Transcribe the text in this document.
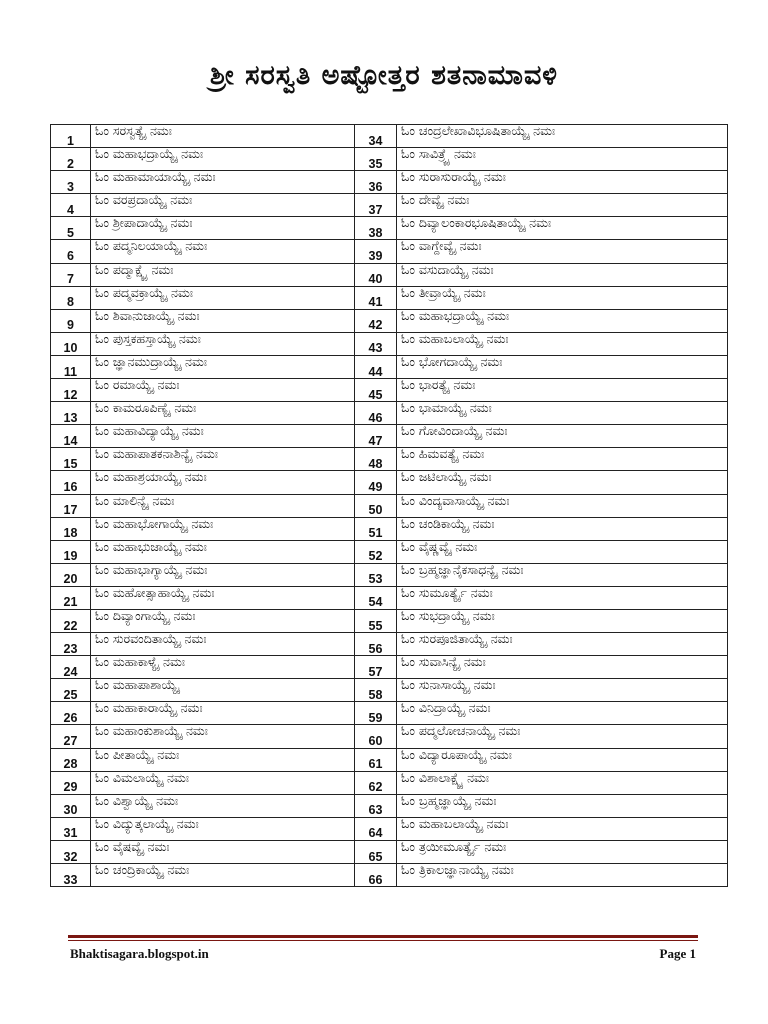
ಶ್ರೀ ಸರಸ್ವತಿ ಅಷ್ಟೋತ್ತರ ಶತನಾಮಾವಳಿ
1	ಓಂ ಸರಸ್ವತ್ಯೈ ನಮಃ	34	ಓಂ ಚಂದ್ರಲೇಖಾವಿಭೂಷಿತಾಯ್ಯೈ ನಮಃ
2	ಓಂ ಮಹಾಭದ್ರಾಯ್ಯೈ ನಮಃ	35	ಓಂ ಸಾವಿತ್ರ್ಯೈ ನಮಃ
3	ಓಂ ಮಹಾಮಾಯಾಯ್ಯೈ ನಮಃ	36	ಓಂ ಸುರಾಸುರಾಯ್ಯೈ ನಮಃ
4	ಓಂ ವರಪ್ರದಾಯ್ಯೈ ನಮಃ	37	ಓಂ ದೇವ್ಯೈ ನಮಃ
5	ಓಂ ಶ್ರೀಪಾದಾಯ್ಯೈ ನಮಃ	38	ಓಂ ದಿವ್ಯಾಲಂಕಾರಭೂಷಿತಾಯ್ಯೈ ನಮಃ
6	ಓಂ ಪದ್ಮನಿಲಯಾಯ್ಯೈ ನಮಃ	39	ಓಂ ವಾಗ್ದೇವ್ಯೈ ನಮಃ
7	ಓಂ ಪದ್ಮಾಕ್ಷ್ಯೈ ನಮಃ	40	ಓಂ ವಸುದಾಯ್ಯೈ ನಮಃ
8	ಓಂ ಪದ್ಮವಕ್ರಾಯ್ಯೈ ನಮಃ	41	ಓಂ ತೀವ್ರಾಯ್ಯೈ ನಮಃ
9	ಓಂ ಶಿವಾನುಜಾಯ್ಯೈ ನಮಃ	42	ಓಂ ಮಹಾಭದ್ರಾಯ್ಯೈ ನಮಃ
10	ಓಂ ಪುಸ್ತಕಹಸ್ತಾಯ್ಯೈ ನಮಃ	43	ಓಂ ಮಹಾಬಲಾಯ್ಯೈ ನಮಃ
11	ಓಂ ಜ್ಞಾನಮುದ್ರಾಯ್ಯೈ ನಮಃ	44	ಓಂ ಭೋಗದಾಯ್ಯೈ ನಮಃ
12	ಓಂ ರಮಾಯ್ಯೈ ನಮಃ	45	ಓಂ ಭಾರತ್ಯೈ ನಮಃ
13	ಓಂ ಕಾಮರೂಪಿಣ್ಯೈ ನಮಃ	46	ಓಂ ಭಾಮಾಯ್ಯೈ ನಮಃ
14	ಓಂ ಮಹಾವಿದ್ಯಾಯ್ಯೈ ನಮಃ	47	ಓಂ ಗೋವಿಂದಾಯ್ಯೈ ನಮಃ
15	ಓಂ ಮಹಾಪಾತಕನಾಶಿನ್ಯೈ ನಮಃ	48	ಓಂ ಹಿಮವತ್ಯೈ ನಮಃ
16	ಓಂ ಮಹಾಶ್ರಯಾಯ್ಯೈ ನಮಃ	49	ಓಂ ಜಟಿಲಾಯ್ಯೈ ನಮಃ
17	ಓಂ ಮಾಲಿನ್ಯೈ ನಮಃ	50	ಓಂ ವಿಂದ್ಯವಾಸಾಯ್ಯೈ ನಮಃ
18	ಓಂ ಮಹಾಭೋಗಾಯ್ಯೈ ನಮಃ	51	ಓಂ ಚಂಡಿಕಾಯ್ಯೈ ನಮಃ
19	ಓಂ ಮಹಾಭುಜಾಯ್ಯೈ ನಮಃ	52	ಓಂ ವೈಷ್ಣವ್ಯೈ ನಮಃ
20	ಓಂ ಮಹಾಭಾಗ್ಯಾಯ್ಯೈ ನಮಃ	53	ಓಂ ಬ್ರಹ್ಮಜ್ಞಾನೈಕಸಾಧನ್ಯೈ ನಮಃ
21	ಓಂ ಮಹೋತ್ಸಾಹಾಯ್ಯೈ ನಮಃ	54	ಓಂ ಸುಮೂರ್ತ್ಯೈ ನಮಃ
22	ಓಂ ದಿವ್ಯಾಂಗಾಯ್ಯೈ ನಮಃ	55	ಓಂ ಸುಭದ್ರಾಯ್ಯೈ ನಮಃ
23	ಓಂ ಸುರವಂದಿತಾಯ್ಯೈ ನಮಃ	56	ಓಂ ಸುರಪೂಜಿತಾಯ್ಯೈ ನಮಃ
24	ಓಂ ಮಹಾಕಾಳ್ಯೈ ನಮಃ	57	ಓಂ ಸುವಾಸಿನ್ಯೈ ನಮಃ
25	ಓಂ ಮಹಾಪಾಶಾಯ್ಯೈ	58	ಓಂ ಸುನಾಸಾಯ್ಯೈ ನಮಃ
26	ಓಂ ಮಹಾಕಾರಾಯ್ಯೈ ನಮಃ	59	ಓಂ ವಿನಿದ್ರಾಯ್ಯೈ ನಮಃ
27	ಓಂ ಮಹಾಂಕುಶಾಯ್ಯೈ ನಮಃ	60	ಓಂ ಪದ್ಮಲೋಚನಾಯ್ಯೈ ನಮಃ
28	ಓಂ ಪೀತಾಯ್ಯೈ ನಮಃ	61	ಓಂ ವಿದ್ಯಾರೂಪಾಯ್ಯೈ ನಮಃ
29	ಓಂ ವಿಮಲಾಯ್ಯೈ ನಮಃ	62	ಓಂ ವಿಶಾಲಾಕ್ಷ್ಯೈ ನಮಃ
30	ಓಂ ವಿಶ್ವಾಯ್ಯೈ ನಮಃ	63	ಓಂ ಬ್ರಹ್ಮಜ್ಞಾಯ್ಯೈ ನಮಃ
31	ಓಂ ವಿದ್ಯುತ್ಕಲಾಯ್ಯೈ ನಮಃ	64	ಓಂ ಮಹಾಬಲಾಯ್ಯೈ ನಮಃ
32	ಓಂ ವೈಷವ್ಯೈ ನಮಃ	65	ಓಂ ತ್ರಯೀಮೂರ್ತ್ಯೈ ನಮಃ
33	ಓಂ ಚಂದ್ರಿಕಾಯ್ಯೈ ನಮಃ	66	ಓಂ ತ್ರಿಕಾಲಜ್ಞಾನಾಯ್ಯೈ ನಮಃ
Bhaktisagara.blogspot.in	Page 1
